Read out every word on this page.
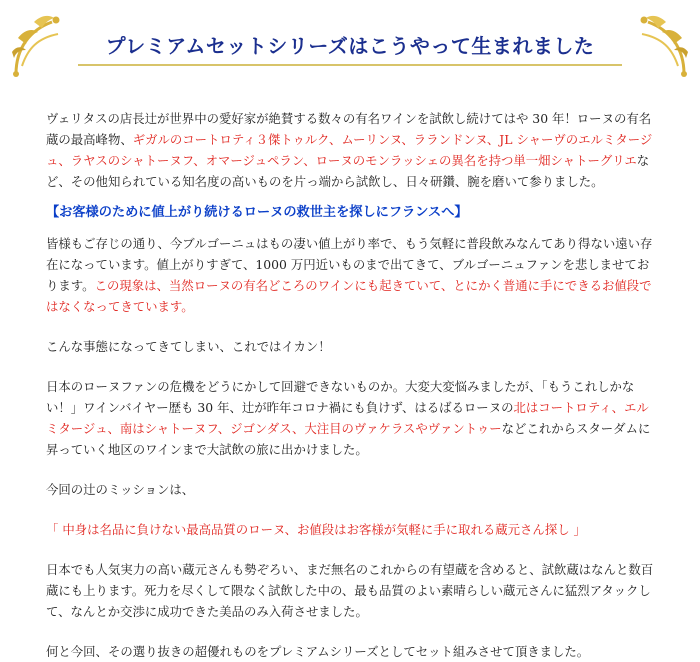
プレミアムセットシリーズはこうやって生まれました

ヴェリタスの店長辻が世界中の愛好家が絶賛する数々の有名ワインを試飲し続けてはや 30 年！ローヌの有名蔵の最高峰物、ギガルのコートロティ３傑トゥルク、ムーリンヌ、ラランドンヌ、JL シャーヴのエルミタージュ、ラヤスのシャトーヌフ、オマージュペラン、ローヌのモンラッシェの異名を持つ単一畑シャトーグリエなど、その他知られている知名度の高いものを片っ端から試飲し、日々研鑽、腕を磨いて参りました。

【お客様のために値上がり続けるローヌの救世主を探しにフランスへ】

皆様もご存じの通り、今ブルゴーニュはもの凄い値上がり率で、もう気軽に普段飲みなんてあり得ない遠い存在になっています。値上がりすぎて、1000 万円近いものまで出てきて、ブルゴーニュファンを悲しませております。この現象は、当然ローヌの有名どころのワインにも起きていて、とにかく普通に手にできるお値段ではなくなってきています。

こんな事態になってきてしまい、これではイカン！

日本のローヌファンの危機をどうにかして回避できないものか。大変大変悩みましたが、「もうこれしかない！」ワインバイヤー歴も 30 年、辻が昨年コロナ禍にも負けず、はるばるローヌの北はコートロティ、エルミタージュ、南はシャトーヌフ、ジゴンダス、大注目のヴァケラスやヴァントゥーなどこれからスターダムに昇っていく地区のワインまで大試飲の旅に出かけました。

今回の辻のミッションは、

「 中身は名品に負けない最高品質のローヌ、お値段はお客様が気軽に手に取れる蔵元さん探し 」

日本でも人気実力の高い蔵元さんも勢ぞろい、まだ無名のこれからの有望蔵を含めると、試飲蔵はなんと数百蔵にも上ります。死力を尽くして隈なく試飲した中の、最も品質のよい素晴らしい蔵元さんに猛烈アタックして、なんとか交渉に成功できた美品のみ入荷させました。

何と今回、その選り抜きの超優れものをプレミアムシリーズとしてセット組みさせて頂きました。
